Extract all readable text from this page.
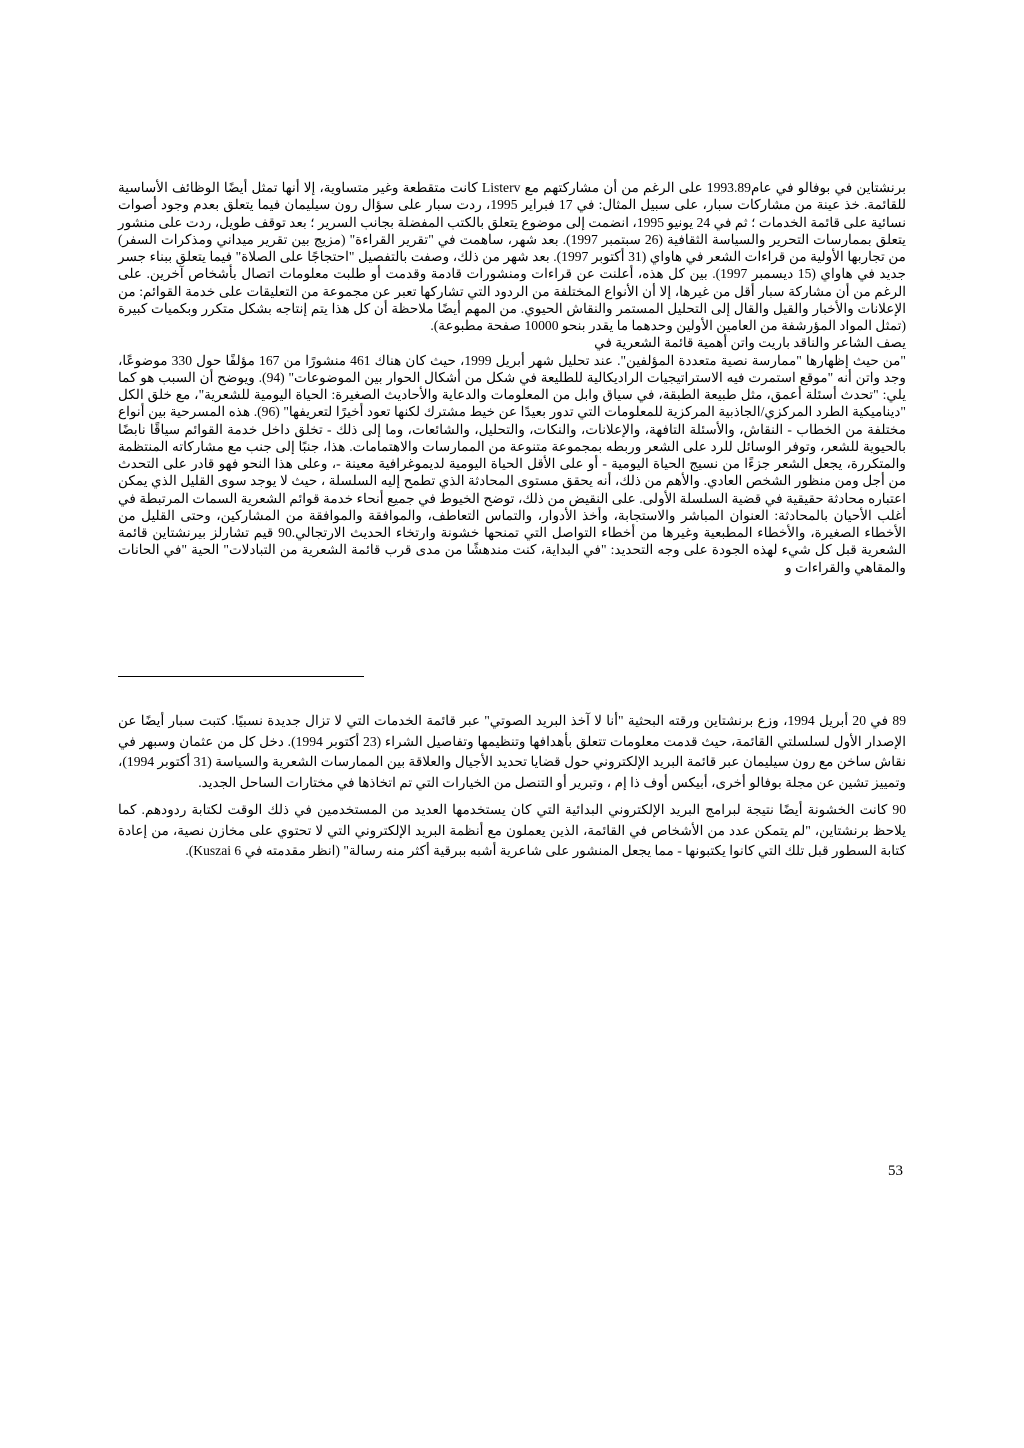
برنشتاين في بوفالو في عام1993.89 على الرغم من أن مشاركتهم مع Listerv كانت متقطعة وغير متساوية، إلا أنها تمثل أيضًا الوظائف الأساسية للقائمة. خذ عينة من مشاركات سبار، على سبيل المثال: في 17 فبراير 1995، ردت سبار على سؤال رون سيليمان فيما يتعلق بعدم وجود أصوات نسائية على قائمة الخدمات ؛ ثم في 24 يونيو 1995، انضمت إلى موضوع يتعلق بالكتب المفضلة بجانب السرير ؛ بعد توقف طويل، ردت على منشور يتعلق بممارسات التحرير والسياسة الثقافية (26 سبتمبر 1997). بعد شهر، ساهمت في "تقرير القراءة" (مزيج بين تقرير ميداني ومذكرات السفر) من تجاربها الأولية من قراءات الشعر في هاواي (31 أكتوبر 1997). بعد شهر من ذلك، وصفت بالتفصيل "احتجاجًا على الصلاة" فيما يتعلق ببناء جسر جديد في هاواي (15 ديسمبر 1997). بين كل هذه، أعلنت عن قراءات ومنشورات قادمة وقدمت أو طلبت معلومات اتصال بأشخاص آخرين. على الرغم من أن مشاركة سبار أقل من غيرها، إلا أن الأنواع المختلفة من الردود التي تشاركها تعبر عن مجموعة من التعليقات على خدمة القوائم: من الإعلانات والأخبار والقيل والقال إلى التحليل المستمر والنقاش الحيوي. من المهم أيضًا ملاحظة أن كل هذا يتم إنتاجه بشكل متكرر وبكميات كبيرة (تمثل المواد المؤرشفة من العامين الأولين وحدهما ما يقدر بنحو 10000 صفحة مطبوعة).

يصف الشاعر والناقد باريت واتن أهمية قائمة الشعرية في

"من حيث إظهارها "ممارسة نصية متعددة المؤلفين". عند تحليل شهر أبريل 1999، حيث كان هناك 461 منشورًا من 167 مؤلفًا حول 330 موضوعًا، وجد واتن أنه "موقع استمرت فيه الاستراتيجيات الراديكالية للطليعة في شكل من أشكال الحوار بين الموضوعات" (94). ويوضح أن السبب هو كما يلي: "تحدث أسئلة أعمق، مثل طبيعة الطبقة، في سياق وابل من المعلومات والدعاية والأحاديث الصغيرة: الحياة اليومية للشعرية"، مع خلق الكل "ديناميكية الطرد المركزي/الجاذبية المركزية للمعلومات التي تدور بعيدًا عن خيط مشترك لكنها تعود أخيرًا لتعريفها" (96). هذه المسرحية بين أنواع مختلفة من الخطاب - النقاش، والأسئلة التافهة، والإعلانات، والنكات، والتحليل، والشائعات، وما إلى ذلك - تخلق داخل خدمة القوائم سياقًا نابضًا بالحيوية للشعر، وتوفر الوسائل للرد على الشعر وربطه بمجموعة متنوعة من الممارسات والاهتمامات. هذا، جنبًا إلى جنب مع مشاركاته المنتظمة والمتكررة، يجعل الشعر جزءًا من نسيج الحياة اليومية - أو على الأقل الحياة اليومية لديموغرافية معينة -، وعلى هذا النحو فهو قادر على التحدث من أجل ومن منظور الشخص العادي. والأهم من ذلك، أنه يحقق مستوى المحادثة الذي تطمح إليه السلسلة ، حيث لا يوجد سوى القليل الذي يمكن اعتباره محادثة حقيقية في قضية السلسلة الأولى. على النقيض من ذلك، توضح الخيوط في جميع أنحاء خدمة قوائم الشعرية السمات المرتبطة في أغلب الأحيان بالمحادثة: العنوان المباشر والاستجابة، وأخذ الأدوار، والتماس التعاطف، والموافقة والموافقة من المشاركين، وحتى القليل من الأخطاء الصغيرة، والأخطاء المطبعية وغيرها من أخطاء التواصل التي تمنحها خشونة وارتخاء الحديث الارتجالي.90 قيم تشارلز بيرنشتاين قائمة الشعرية قبل كل شيء لهذه الجودة على وجه التحديد: "في البداية، كنت مندهشًا من مدى قرب قائمة الشعرية من التبادلات" الحية "في الحانات والمقاهي والقراءات و

89 في 20 أبريل 1994، وزع برنشتاين ورقته البحثية "أنا لا آخذ البريد الصوتي" عبر قائمة الخدمات التي لا تزال جديدة نسبيًا. كتبت سبار أيضًا عن الإصدار الأول لسلسلتي القائمة، حيث قدمت معلومات تتعلق بأهدافها وتنظيمها وتفاصيل الشراء (23 أكتوبر 1994). دخل كل من عثمان وسبهر في نقاش ساخن مع رون سيليمان عبر قائمة البريد الإلكتروني حول قضايا تحديد الأجيال والعلاقة بين الممارسات الشعرية والسياسة (31 أكتوبر 1994)، وتمييز تشين عن مجلة بوفالو أخرى، أبيكس أوف ذا إم ، وتبرير أو التنصل من الخيارات التي تم اتخاذها في مختارات الساحل الجديد.

90 كانت الخشونة أيضًا نتيجة لبرامج البريد الإلكتروني البدائية التي كان يستخدمها العديد من المستخدمين في ذلك الوقت لكتابة ردودهم. كما يلاحظ برنشتاين، "لم يتمكن عدد من الأشخاص في القائمة، الذين يعملون مع أنظمة البريد الإلكتروني التي لا تحتوي على مخازن نصية، من إعادة كتابة السطور قبل تلك التي كانوا يكتبونها - مما يجعل المنشور على شاعرية أشبه ببرقية أكثر منه رسالة" (انظر مقدمته في Kuszai 6).

53
